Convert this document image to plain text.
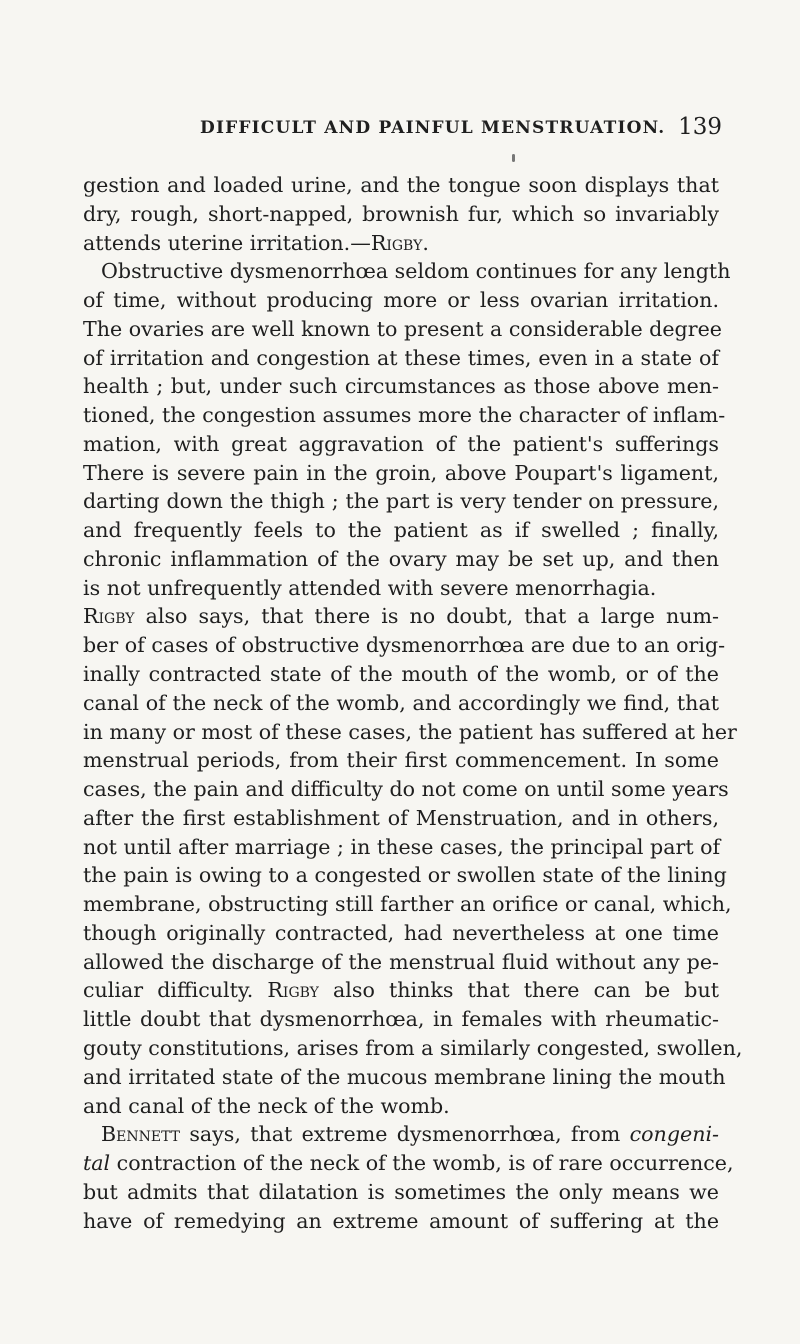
DIFFICULT AND PAINFUL MENSTRUATION. 139
gestion and loaded urine, and the tongue soon displays that
dry, rough, short-napped, brownish fur, which so invariably
attends uterine irritation.—Rigby.
Obstructive dysmenorrhœa seldom continues for any length
of time, without producing more or less ovarian irritation.
The ovaries are well known to present a considerable degree
of irritation and congestion at these times, even in a state of
health ; but, under such circumstances as those above men-
tioned, the congestion assumes more the character of inflam-
mation, with great aggravation of the patient's sufferings
There is severe pain in the groin, above Poupart's ligament,
darting down the thigh ; the part is very tender on pressure,
and frequently feels to the patient as if swelled ; finally,
chronic inflammation of the ovary may be set up, and then
is not unfrequently attended with severe menorrhagia.
Rigby also says, that there is no doubt, that a large num-
ber of cases of obstructive dysmenorrhœa are due to an orig-
inally contracted state of the mouth of the womb, or of the
canal of the neck of the womb, and accordingly we find, that
in many or most of these cases, the patient has suffered at her
menstrual periods, from their first commencement. In some
cases, the pain and difficulty do not come on until some years
after the first establishment of Menstruation, and in others,
not until after marriage ; in these cases, the principal part of
the pain is owing to a congested or swollen state of the lining
membrane, obstructing still farther an orifice or canal, which,
though originally contracted, had nevertheless at one time
allowed the discharge of the menstrual fluid without any pe-
culiar difficulty. Rigby also thinks that there can be but
little doubt that dysmenorrhœa, in females with rheumatic-
gouty constitutions, arises from a similarly congested, swollen,
and irritated state of the mucous membrane lining the mouth
and canal of the neck of the womb.
Bennett says, that extreme dysmenorrhœa, from congeni-
tal contraction of the neck of the womb, is of rare occurrence,
but admits that dilatation is sometimes the only means we
have of remedying an extreme amount of suffering at the
